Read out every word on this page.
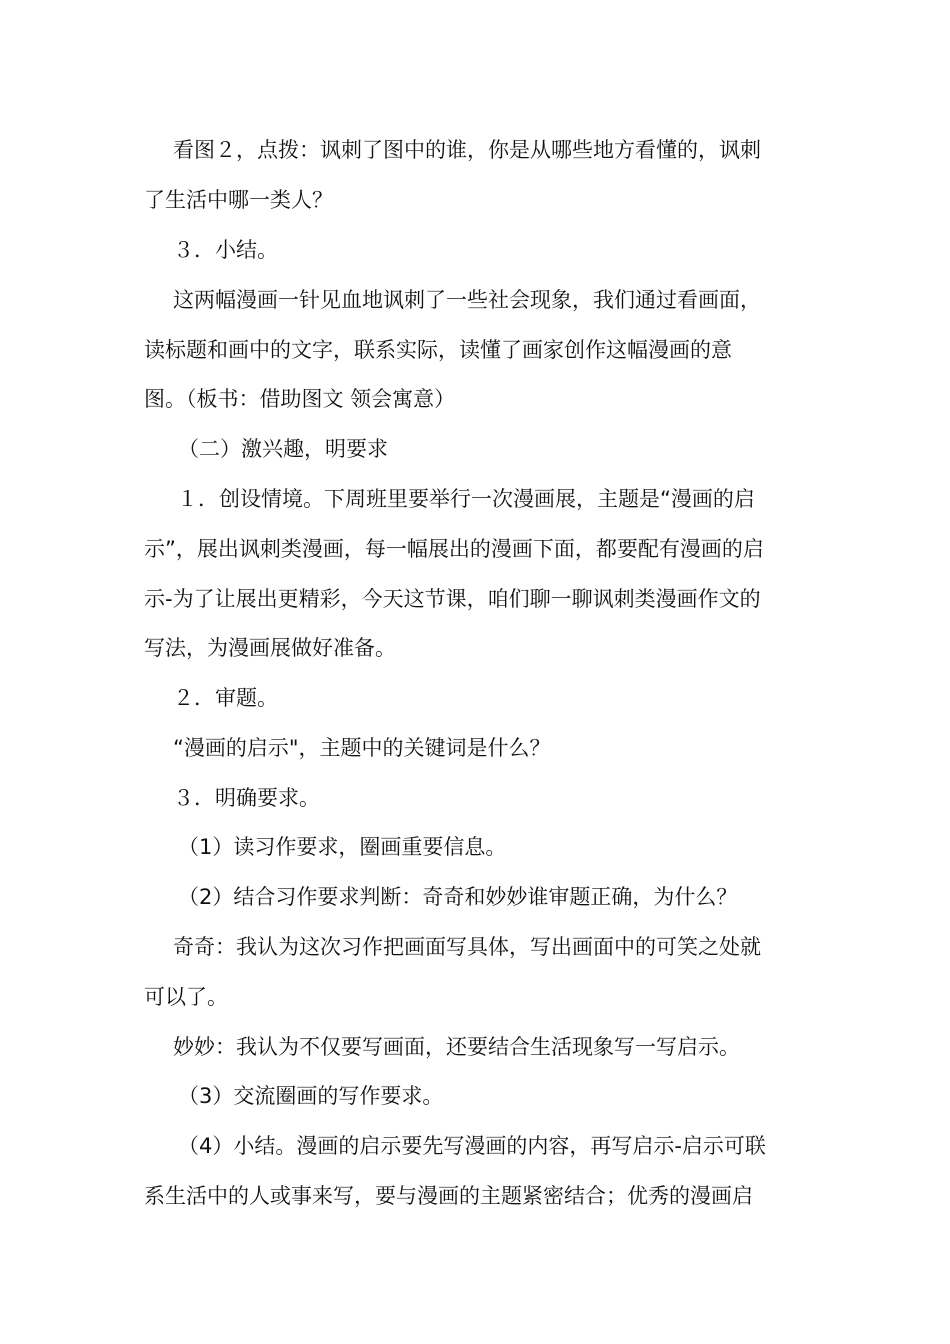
看图２，点拨：讽刺了图中的谁，你是从哪些地方看懂的，讽刺
了生活中哪一类人？
３．小结。
这两幅漫画一针见血地讽刺了一些社会现象，我们通过看画面，
读标题和画中的文字，联系实际，读懂了画家创作这幅漫画的意
图。（板书：借助图文 领会寓意）
（二）激兴趣，明要求
１．创设情境。下周班里要举行一次漫画展，主题是“漫画的启
示”，展出讽刺类漫画，每一幅展出的漫画下面，都要配有漫画的启
示-为了让展出更精彩，今天这节课，咱们聊一聊讽刺类漫画作文的
写法，为漫画展做好准备。
２．审题。
“漫画的启示"，主题中的关键词是什么？
３．明确要求。
（1）读习作要求，圈画重要信息。
（2）结合习作要求判断：奇奇和妙妙谁审题正确，为什么？
奇奇：我认为这次习作把画面写具体，写出画面中的可笑之处就
可以了。
妙妙：我认为不仅要写画面，还要结合生活现象写一写启示。
（3）交流圈画的写作要求。
（4）小结。漫画的启示要先写漫画的内容，再写启示-启示可联
系生活中的人或事来写，要与漫画的主题紧密结合；优秀的漫画启
